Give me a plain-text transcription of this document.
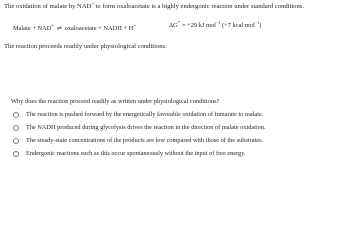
The oxidation of malate by NAD+ to form oxaloacetate is a highly endergonic reaction under standard conditions.
Malate + NAD+ ⇌ oxaloacetate + NADH + H+	ΔG°′ = +29 kJ mol$^{-1}$ (+7 kcal mol$^{-1}$)
The reaction proceeds readily under physiological conditions.
Why does the reaction proceed readily as written under physiological conditions?
The reaction is pushed forward by the energetically favorable oxidation of fumarate to malate.
The NADH produced during glycolysis drives the reaction in the direction of malate oxidation.
The steady-state concentrations of the products are low compared with those of the substrates.
Endergonic reactions such as this occur spontaneously without the input of free energy.
